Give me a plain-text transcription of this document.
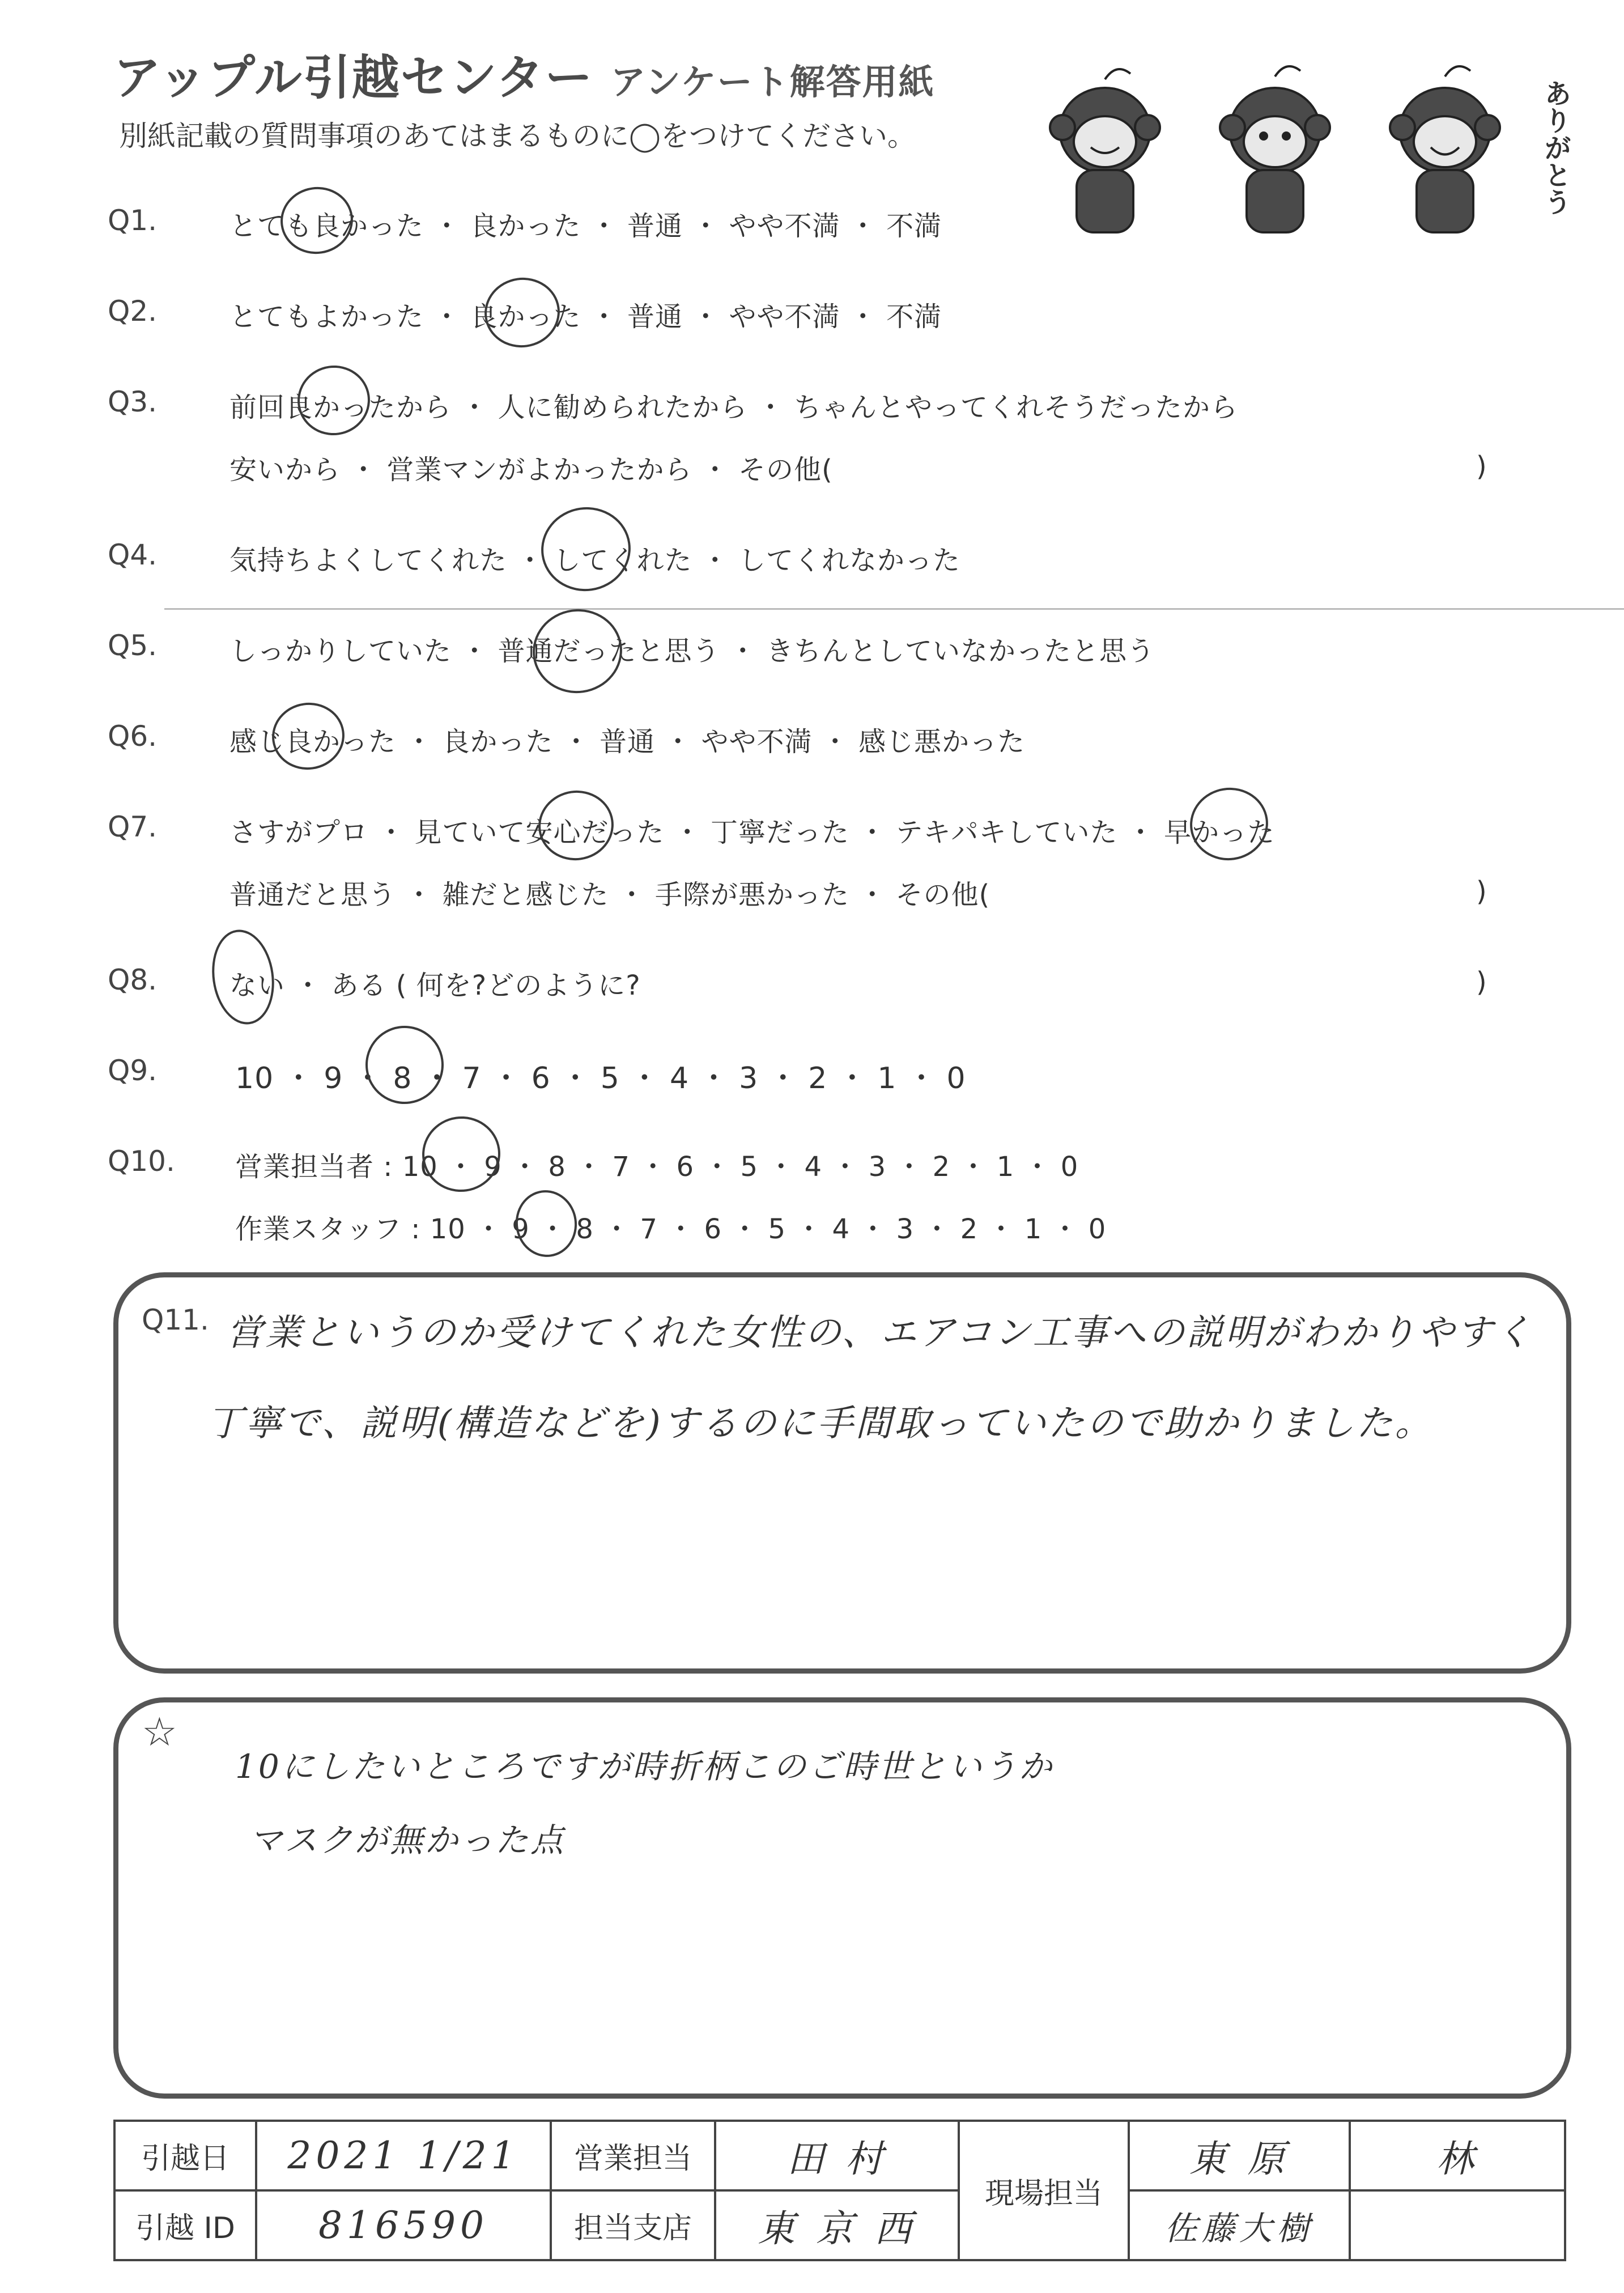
アップル引越センター アンケート解答用紙
別紙記載の質問事項のあてはまるものに◯をつけてください。	ありがとう
Q1.	とても良かった ・ 良かった ・ 普通 ・ やや不満 ・ 不満
Q2.	とてもよかった ・ 良かった ・ 普通 ・ やや不満 ・ 不満
Q3.	前回良かったから ・ 人に勧められたから ・ ちゃんとやってくれそうだったから
安いから ・ 営業マンがよかったから ・ その他(	)
Q4.	気持ちよくしてくれた ・ してくれた ・ してくれなかった
Q5.	しっかりしていた ・ 普通だったと思う ・ きちんとしていなかったと思う
Q6.	感じ良かった ・ 良かった ・ 普通 ・ やや不満 ・ 感じ悪かった
Q7.	さすがプロ ・ 見ていて安心だった ・ 丁寧だった ・ テキパキしていた ・ 早かった
普通だと思う ・ 雑だと感じた ・ 手際が悪かった ・ その他(	)
Q8.	ない ・ ある ( 何を?どのように?	)
Q9.	10 ・ 9 ・ 8 ・ 7 ・ 6 ・ 5 ・ 4 ・ 3 ・ 2 ・ 1 ・ 0
Q10. 営業担当者 : 10 ・ 9 ・ 8 ・ 7 ・ 6 ・ 5 ・ 4 ・ 3 ・ 2 ・ 1 ・ 0
作業スタッフ : 10 ・ 9 ・ 8 ・ 7 ・ 6 ・ 5 ・ 4 ・ 3 ・ 2 ・ 1 ・ 0
Q11. 営業というのか受けてくれた女性の、エアコン工事への説明がわかりやすく
丁寧で、説明(構造などを)するのに手間取っていたので助かりました。
☆
10にしたいところですが時折柄このご時世というか
マスクが無かった点
引越日	2021 1/21	営業担当	田 村	現場担当	東 原	林
引越 ID	816590	担当支店	東 京 西		佐藤大樹	
